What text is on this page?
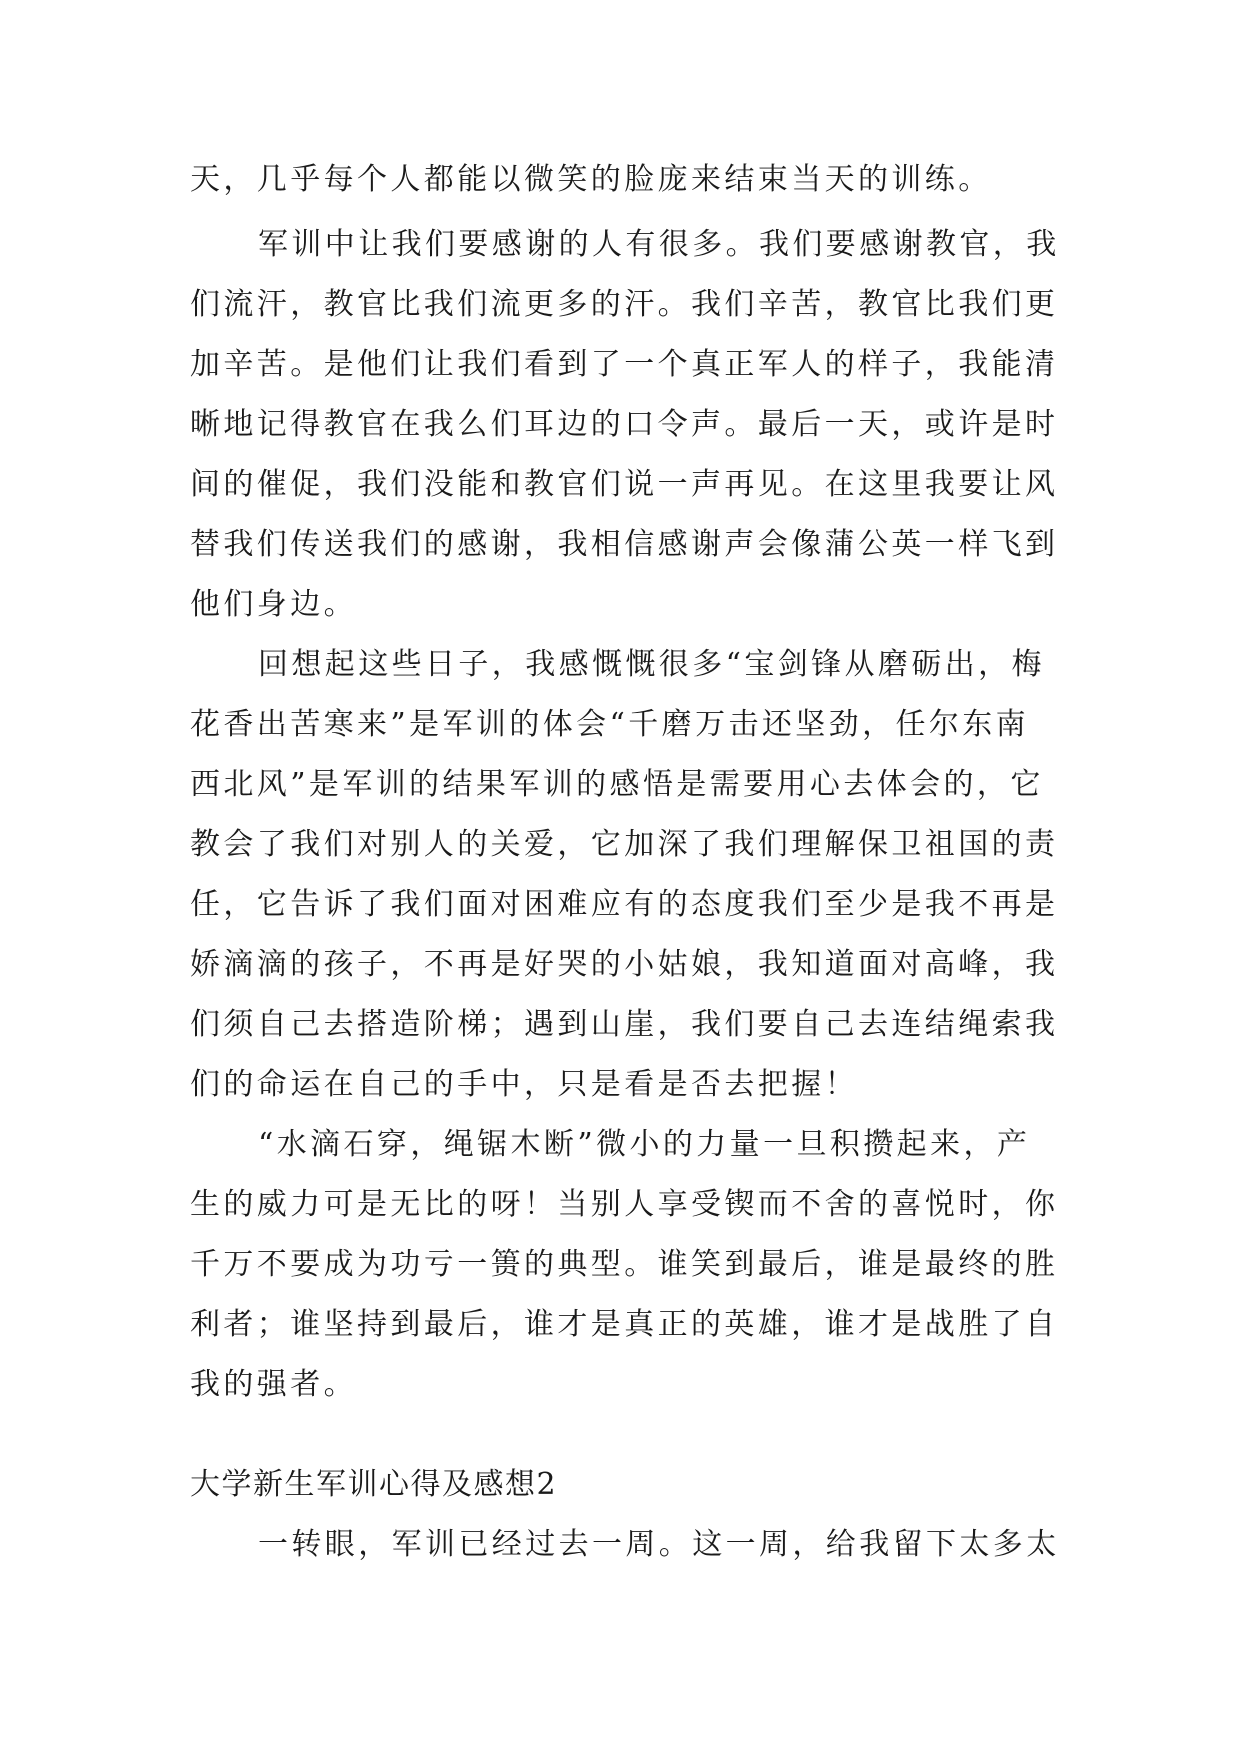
天，几乎每个人都能以微笑的脸庞来结束当天的训练。
军训中让我们要感谢的人有很多。我们要感谢教官，我
们流汗，教官比我们流更多的汗。我们辛苦，教官比我们更
加辛苦。是他们让我们看到了一个真正军人的样子，我能清
晰地记得教官在我么们耳边的口令声。最后一天，或许是时
间的催促，我们没能和教官们说一声再见。在这里我要让风
替我们传送我们的感谢，我相信感谢声会像蒲公英一样飞到
他们身边。
回想起这些日子，我感慨慨很多“宝剑锋从磨砺出，梅
花香出苦寒来”是军训的体会“千磨万击还坚劲，任尔东南
西北风”是军训的结果军训的感悟是需要用心去体会的，它
教会了我们对别人的关爱，它加深了我们理解保卫祖国的责
任，它告诉了我们面对困难应有的态度我们至少是我不再是
娇滴滴的孩子，不再是好哭的小姑娘，我知道面对高峰，我
们须自己去搭造阶梯；遇到山崖，我们要自己去连结绳索我
们的命运在自己的手中，只是看是否去把握！
“水滴石穿，绳锯木断”微小的力量一旦积攒起来，产
生的威力可是无比的呀！当别人享受锲而不舍的喜悦时，你
千万不要成为功亏一篑的典型。谁笑到最后，谁是最终的胜
利者；谁坚持到最后，谁才是真正的英雄，谁才是战胜了自
我的强者。
大学新生军训心得及感想2
一转眼，军训已经过去一周。这一周，给我留下太多太
